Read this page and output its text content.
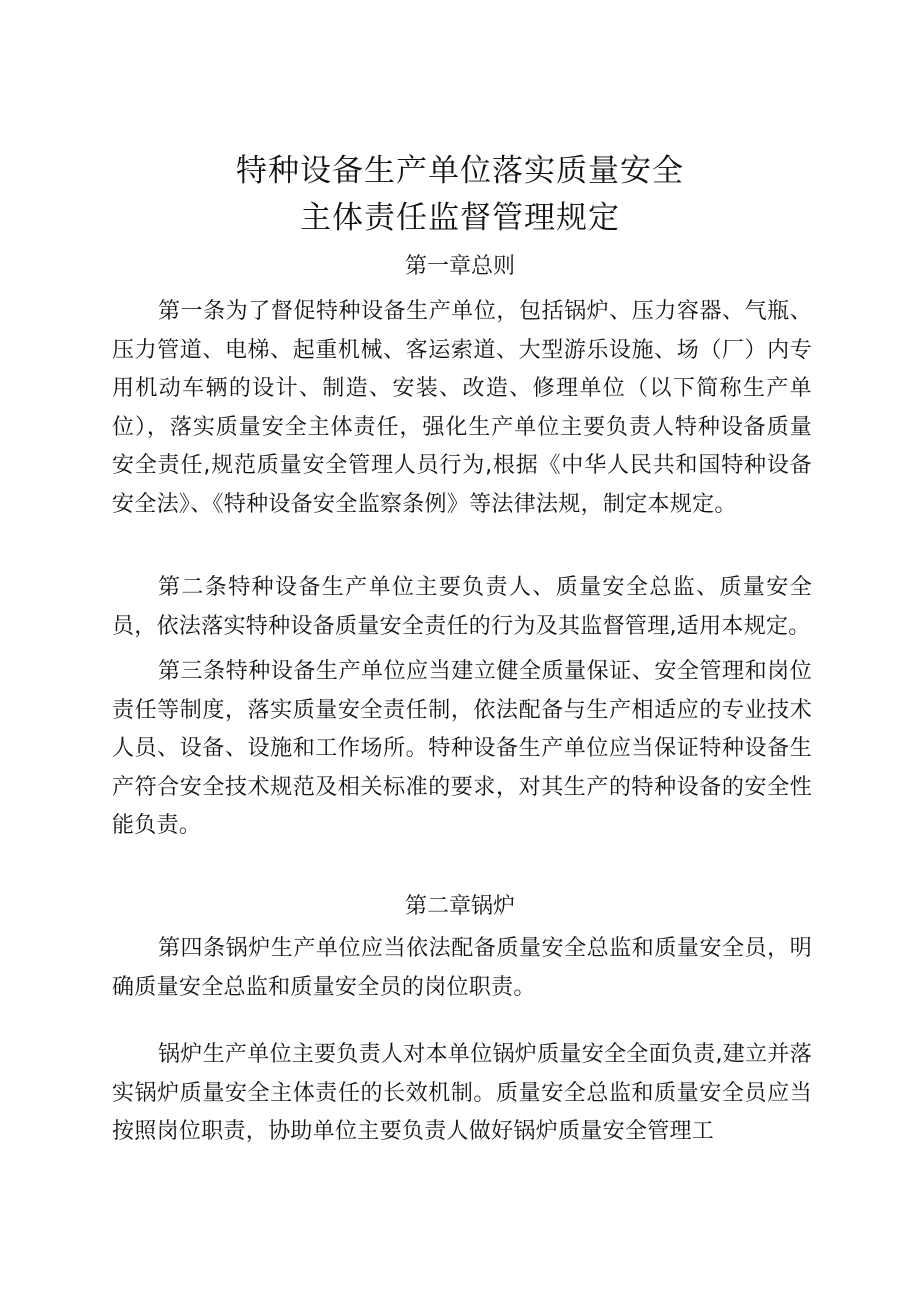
特种设备生产单位落实质量安全
主体责任监督管理规定
第一章总则
第一条为了督促特种设备生产单位，包括锅炉、压力容器、气瓶、压力管道、电梯、起重机械、客运索道、大型游乐设施、场（厂）内专用机动车辆的设计、制造、安装、改造、修理单位（以下简称生产单位），落实质量安全主体责任，强化生产单位主要负责人特种设备质量安全责任,规范质量安全管理人员行为,根据《中华人民共和国特种设备安全法》、《特种设备安全监察条例》等法律法规，制定本规定。
第二条特种设备生产单位主要负责人、质量安全总监、质量安全员，依法落实特种设备质量安全责任的行为及其监督管理,适用本规定。
第三条特种设备生产单位应当建立健全质量保证、安全管理和岗位责任等制度，落实质量安全责任制，依法配备与生产相适应的专业技术人员、设备、设施和工作场所。特种设备生产单位应当保证特种设备生产符合安全技术规范及相关标准的要求，对其生产的特种设备的安全性能负责。
第二章锅炉
第四条锅炉生产单位应当依法配备质量安全总监和质量安全员，明确质量安全总监和质量安全员的岗位职责。
锅炉生产单位主要负责人对本单位锅炉质量安全全面负责,建立并落实锅炉质量安全主体责任的长效机制。质量安全总监和质量安全员应当按照岗位职责，协助单位主要负责人做好锅炉质量安全管理工
